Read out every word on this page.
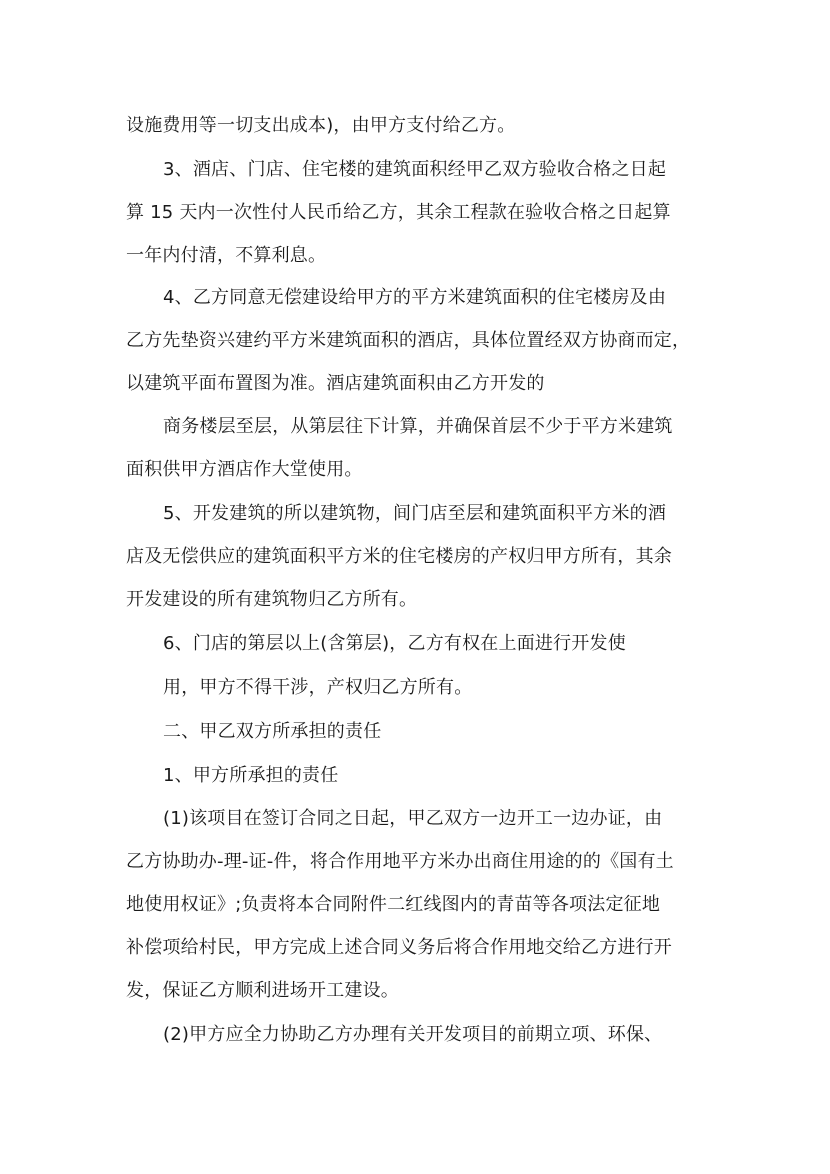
​
设施费用等一切支出成本)，由甲方支付给乙方。
3、酒店、门店、住宅楼的建筑面积经甲乙双方验收合格之日起
算 15 天内一次性付人民币给乙方，其余工程款在验收合格之日起算
一年内付清，不算利息。
4、乙方同意无偿建设给甲方的平方米建筑面积的住宅楼房及由
乙方先垫资兴建约平方米建筑面积的酒店，具体位置经双方协商而定，
以建筑平面布置图为准。酒店建筑面积由乙方开发的
商务楼层至层，从第层往下计算，并确保首层不少于平方米建筑
面积供甲方酒店作大堂使用。
5、开发建筑的所以建筑物，间门店至层和建筑面积平方米的酒
店及无偿供应的建筑面积平方米的住宅楼房的产权归甲方所有，其余
开发建设的所有建筑物归乙方所有。
6、门店的第层以上(含第层)，乙方有权在上面进行开发使
用，甲方不得干涉，产权归乙方所有。
二、甲乙双方所承担的责任
1、甲方所承担的责任
(1)该项目在签订合同之日起，甲乙双方一边开工一边办证，由
乙方协助办-理-证-件，将合作用地平方米办出商住用途的的《国有土
地使用权证》;负责将本合同附件二红线图内的青苗等各项法定征地
补偿项给村民，甲方完成上述合同义务后将合作用地交给乙方进行开
发，保证乙方顺利进场开工建设。
(2)甲方应全力协助乙方办理有关开发项目的前期立项、环保、
